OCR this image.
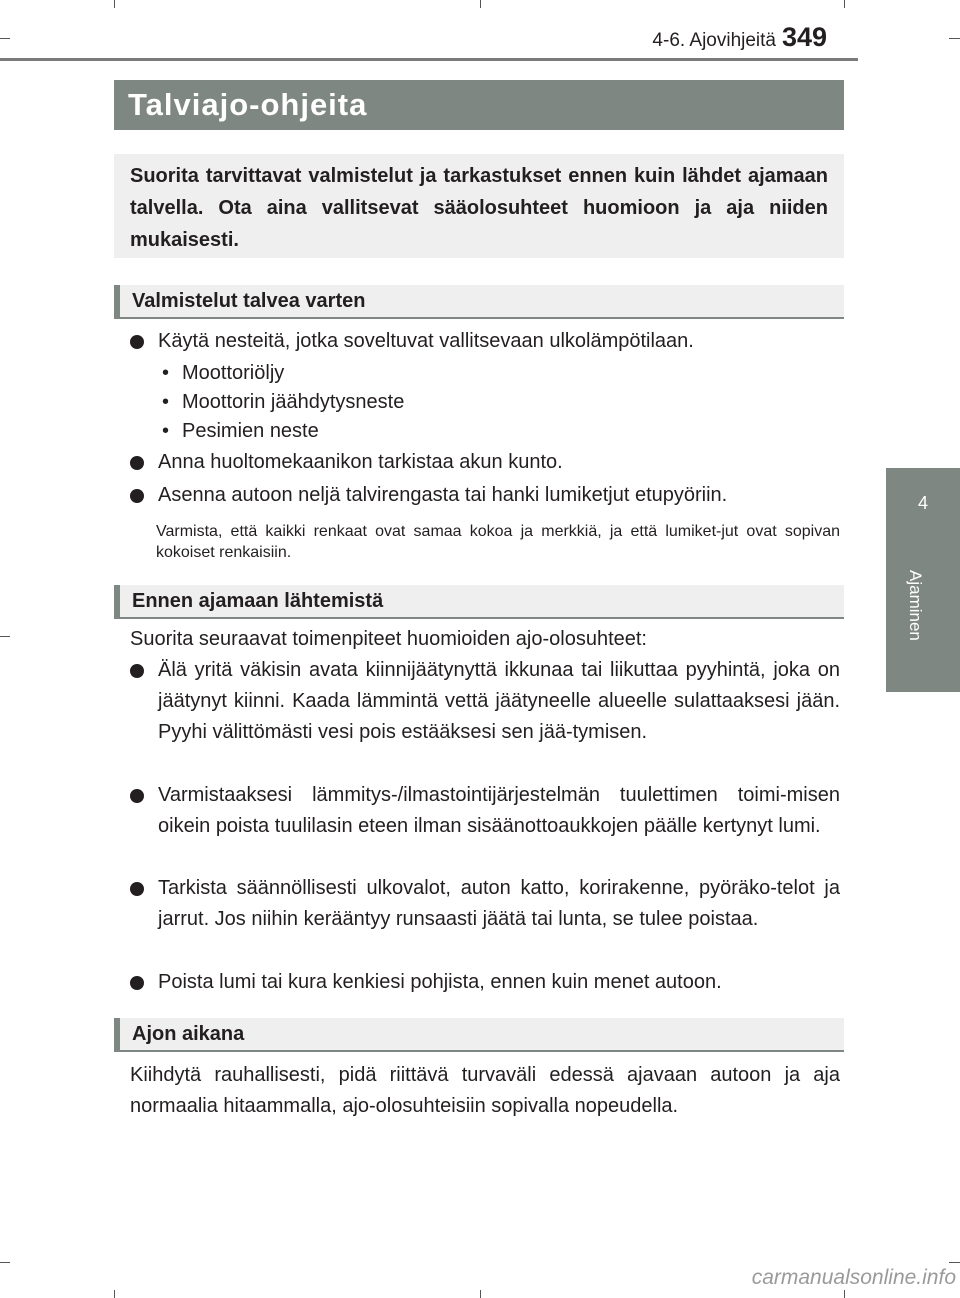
4-6. Ajovihjeitä 349
4
Ajaminen
Talviajo-ohjeita
Suorita tarvittavat valmistelut ja tarkastukset ennen kuin lähdet ajamaan talvella. Ota aina vallitsevat sääolosuhteet huomioon ja aja niiden mukaisesti.
Valmistelut talvea varten
Käytä nesteitä, jotka soveltuvat vallitsevaan ulkolämpötilaan.
• Moottoriöljy
• Moottorin jäähdytysneste
• Pesimien neste
Anna huoltomekaanikon tarkistaa akun kunto.
Asenna autoon neljä talvirengasta tai hanki lumiketjut etupyöriin.
Varmista, että kaikki renkaat ovat samaa kokoa ja merkkiä, ja että lumiket-jut ovat sopivan kokoiset renkaisiin.
Ennen ajamaan lähtemistä
Suorita seuraavat toimenpiteet huomioiden ajo-olosuhteet:
Älä yritä väkisin avata kiinnijäätynyttä ikkunaa tai liikuttaa pyyhintä, joka on jäätynyt kiinni. Kaada lämmintä vettä jäätyneelle alueelle sulattaaksesi jään. Pyyhi välittömästi vesi pois estääksesi sen jää-tymisen.
Varmistaaksesi lämmitys-/ilmastointijärjestelmän tuulettimen toimi-misen oikein poista tuulilasin eteen ilman sisäänottoaukkojen päälle kertynyt lumi.
Tarkista säännöllisesti ulkovalot, auton katto, korirakenne, pyöräko-telot ja jarrut. Jos niihin kerääntyy runsaasti jäätä tai lunta, se tulee poistaa.
Poista lumi tai kura kenkiesi pohjista, ennen kuin menet autoon.
Ajon aikana
Kiihdytä rauhallisesti, pidä riittävä turvaväli edessä ajavaan autoon ja aja normaalia hitaammalla, ajo-olosuhteisiin sopivalla nopeudella.
carmanualsonline.info
